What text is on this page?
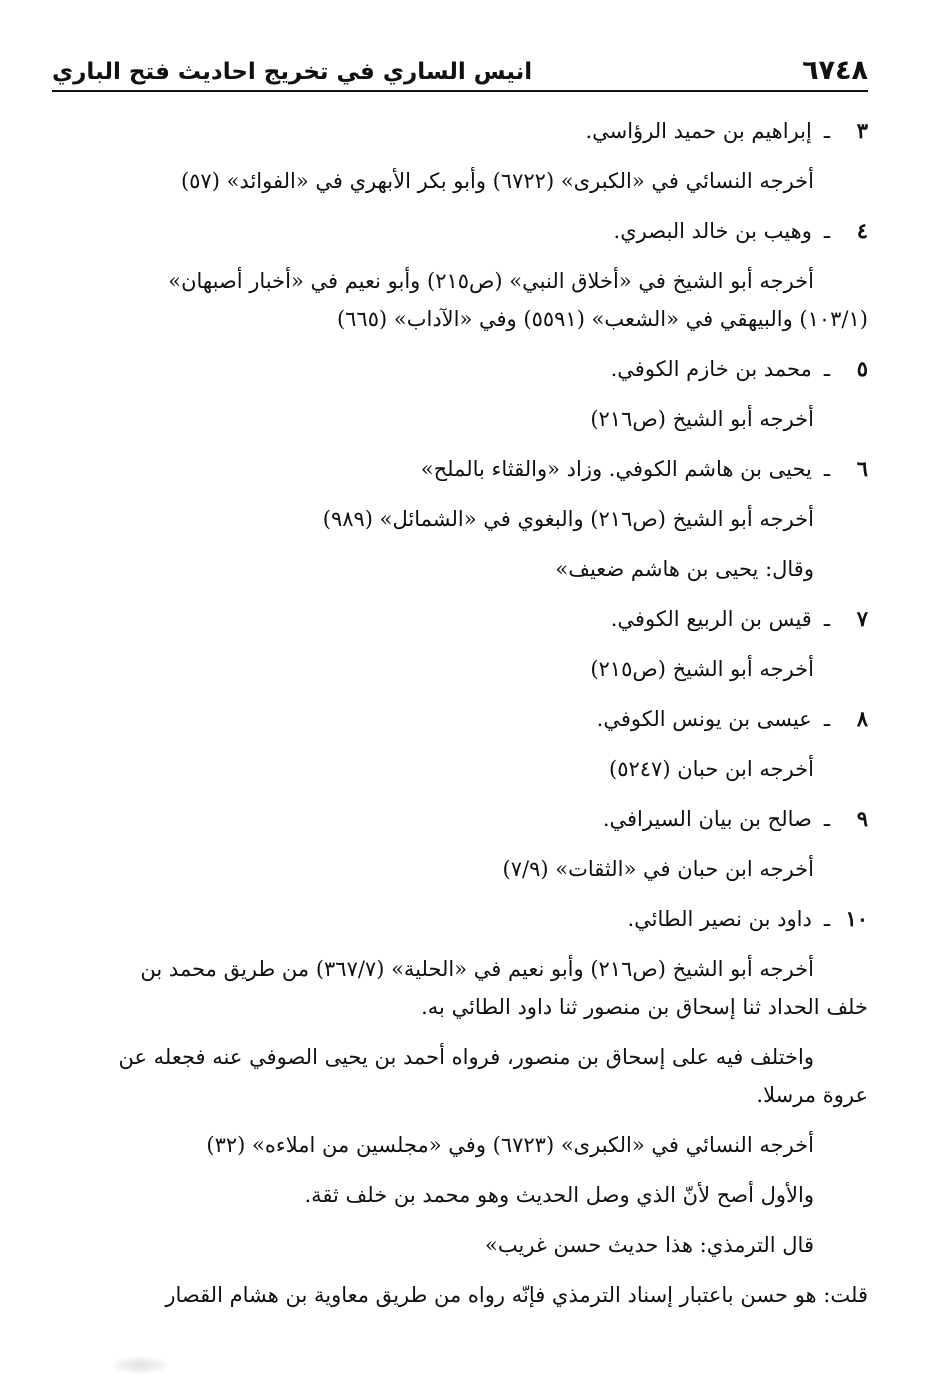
٦٧٤٨
انيس الساري في تخريج احاديث فتح الباري
٣ـإبراهيم بن حميد الرؤاسي.
أخرجه النسائي في «الكبرى» (٦٧٢٢) وأبو بكر الأبهري في «الفوائد» (٥٧)
٤ـوهيب بن خالد البصري.
أخرجه أبو الشيخ في «أخلاق النبي» (ص٢١٥) وأبو نعيم في «أخبار أصبهان»
(١٠٣/١) والبيهقي في «الشعب» (٥٥٩١) وفي «الآداب» (٦٦٥)
٥ـمحمد بن خازم الكوفي.
أخرجه أبو الشيخ (ص٢١٦)
٦ـيحيى بن هاشم الكوفي. وزاد «والقثاء بالملح»
أخرجه أبو الشيخ (ص٢١٦) والبغوي في «الشمائل» (٩٨٩)
وقال: يحيى بن هاشم ضعيف»
٧ـقيس بن الربيع الكوفي.
أخرجه أبو الشيخ (ص٢١٥)
٨ـعيسى بن يونس الكوفي.
أخرجه ابن حبان (٥٢٤٧)
٩ـصالح بن بيان السيرافي.
أخرجه ابن حبان في «الثقات» (٧/٩)
١٠ـداود بن نصير الطائي.
أخرجه أبو الشيخ (ص٢١٦) وأبو نعيم في «الحلية» (٣٦٧/٧) من طريق محمد بن
خلف الحداد ثنا إسحاق بن منصور ثنا داود الطائي به.
واختلف فيه على إسحاق بن منصور، فرواه أحمد بن يحيى الصوفي عنه فجعله عن
عروة مرسلا.
أخرجه النسائي في «الكبرى» (٦٧٢٣) وفي «مجلسين من املاءه» (٣٢)
والأول أصح لأنّ الذي وصل الحديث وهو محمد بن خلف ثقة.
قال الترمذي: هذا حديث حسن غريب»
قلت: هو حسن باعتبار إسناد الترمذي فإنّه رواه من طريق معاوية بن هشام القصار
